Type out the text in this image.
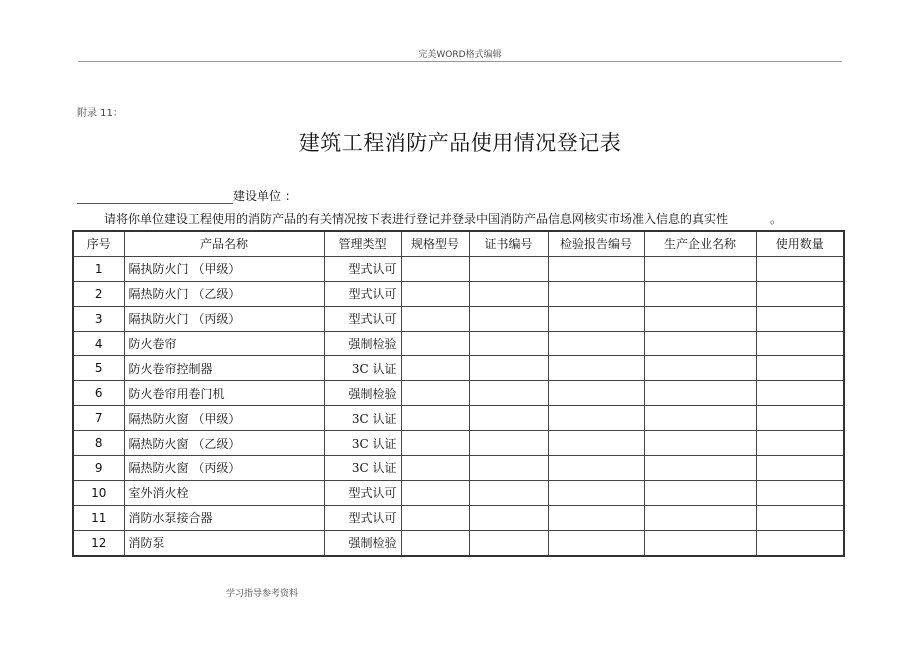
完美WORD格式编辑
附录 11：
建筑工程消防产品使用情况登记表
建设单位 ：
请将你单位建设工程使用的消防产品的有关情况按下表进行登记并登录中国消防产品信息网核实市场准入信息的真实性	。
序号	产品名称	管理类型	规格型号	证书编号	检验报告编号	生产企业名称	使用数量
1	隔执防火门 （甲级）	型式认可					
2	隔热防火门 （乙级）	型式认可					
3	隔执防火门 （丙级）	型式认可					
4	防火卷帘	强制检验					
5	防火卷帘控制器	3C 认证					
6	防火卷帘用卷门机	强制检验					
7	隔热防火窗 （甲级）	3C 认证					
8	隔热防火窗 （乙级）	3C 认证					
9	隔热防火窗 （丙级）	3C 认证					
10	室外消火栓	型式认可					
11	消防水泵接合器	型式认可					
12	消防泵	强制检验					
学习指导参考资料
